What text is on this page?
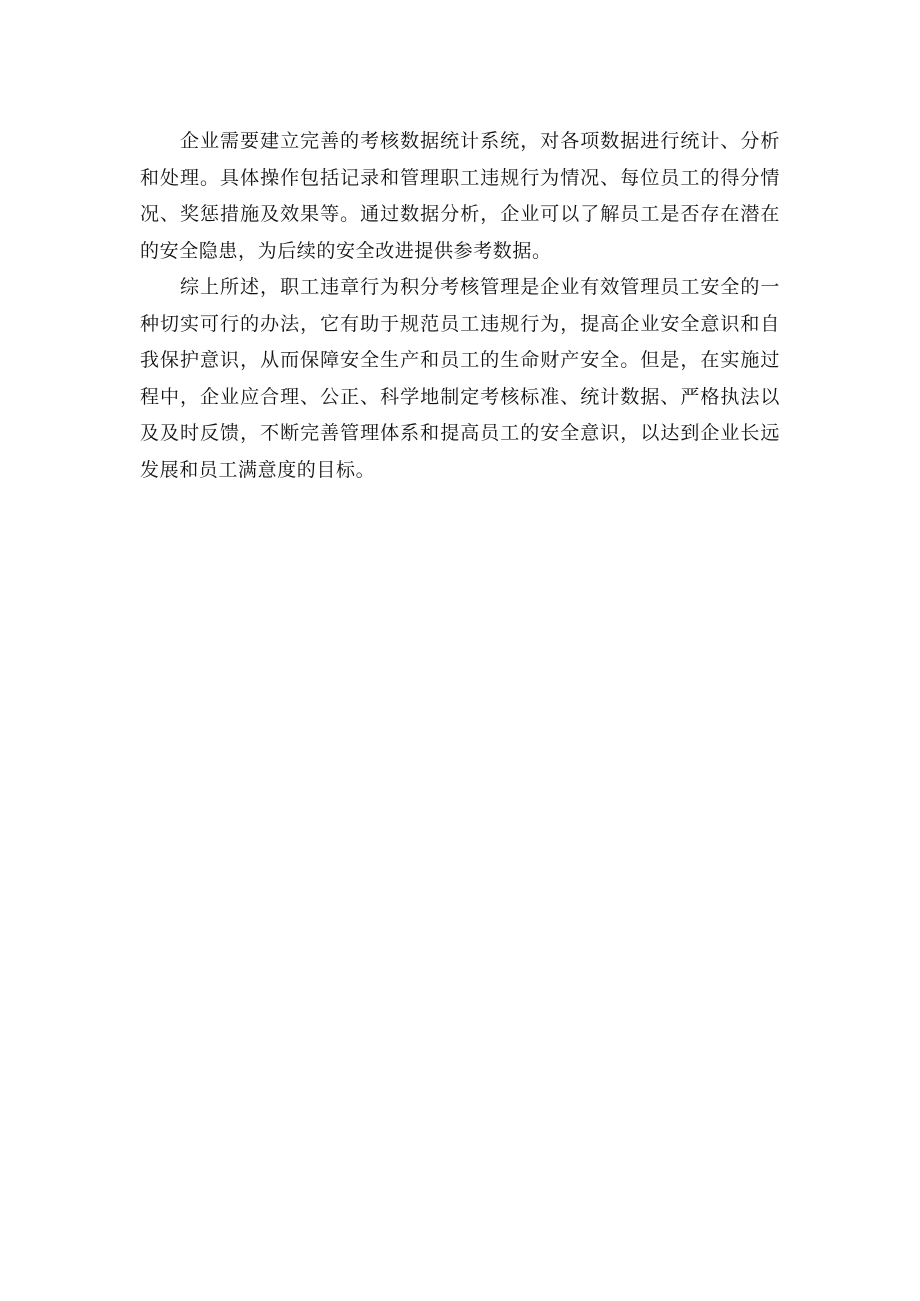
企业需要建立完善的考核数据统计系统，对各项数据进行统计、分析和处理。具体操作包括记录和管理职工违规行为情况、每位员工的得分情况、奖惩措施及效果等。通过数据分析，企业可以了解员工是否存在潜在的安全隐患，为后续的安全改进提供参考数据。

综上所述，职工违章行为积分考核管理是企业有效管理员工安全的一种切实可行的办法，它有助于规范员工违规行为，提高企业安全意识和自我保护意识，从而保障安全生产和员工的生命财产安全。但是，在实施过程中，企业应合理、公正、科学地制定考核标准、统计数据、严格执法以及及时反馈，不断完善管理体系和提高员工的安全意识，以达到企业长远发展和员工满意度的目标。
